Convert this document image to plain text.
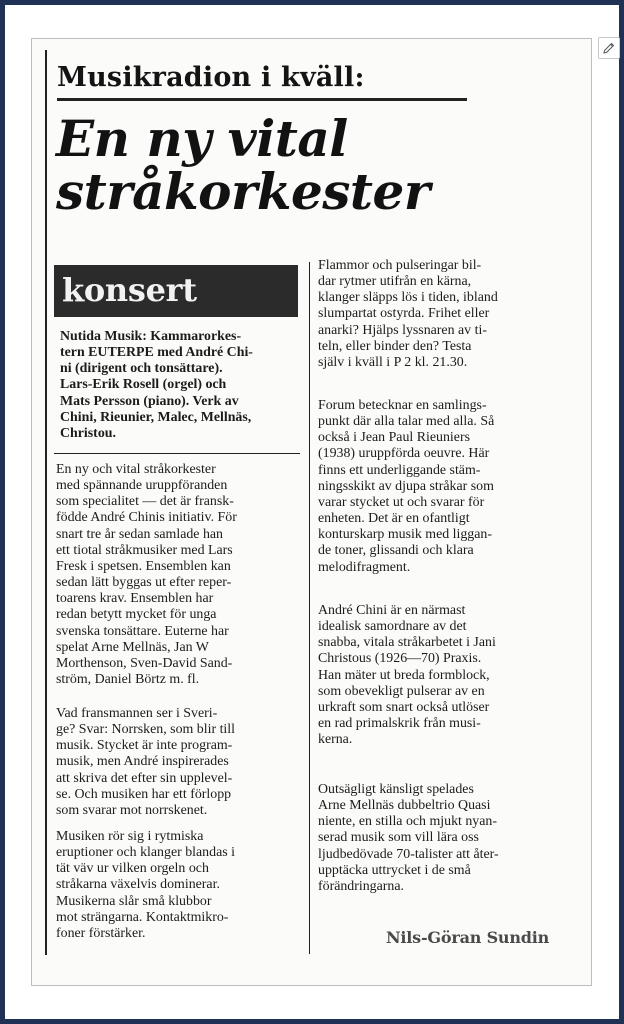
Musikradion i kväll:
En ny vital
stråkorkester
konsert
Nutida Musik: Kammarorkes-
tern EUTERPE med André Chi-
ni (dirigent och tonsättare).
Lars-Erik Rosell (orgel) och
Mats Persson (piano). Verk av
Chini, Rieunier, Malec, Mellnäs,
Christou.
En ny och vital stråkorkester
med spännande uruppföranden
som specialitet — det är fransk-
födde André Chinis initiativ. För
snart tre år sedan samlade han
ett tiotal stråkmusiker med Lars
Fresk i spetsen. Ensemblen kan
sedan lätt byggas ut efter reper-
toarens krav. Ensemblen har
redan betytt mycket för unga
svenska tonsättare. Euterne har
spelat Arne Mellnäs, Jan W
Morthenson, Sven-David Sand-
ström, Daniel Börtz m. fl.
Vad fransmannen ser i Sveri-
ge? Svar: Norrsken, som blir till
musik. Stycket är inte program-
musik, men André inspirerades
att skriva det efter sin upplevel-
se. Och musiken har ett förlopp
som svarar mot norrskenet.
Musiken rör sig i rytmiska
eruptioner och klanger blandas i
tät väv ur vilken orgeln och
stråkarna växelvis dominerar.
Musikerna slår små klubbor
mot strängarna. Kontaktmikro-
foner förstärker.
Flammor och pulseringar bil-
dar rytmer utifrån en kärna,
klanger släpps lös i tiden, ibland
slumpartat ostyrda. Frihet eller
anarki? Hjälps lyssnaren av ti-
teln, eller binder den? Testa
själv i kväll i P 2 kl. 21.30.
Forum betecknar en samlings-
punkt där alla talar med alla. Så
också i Jean Paul Rieuniers
(1938) uruppförda oeuvre. Här
finns ett underliggande stäm-
ningsskikt av djupa stråkar som
varar stycket ut och svarar för
enheten. Det är en ofantligt
konturskarp musik med liggan-
de toner, glissandi och klara
melodifragment.
André Chini är en närmast
idealisk samordnare av det
snabba, vitala stråkarbetet i Jani
Christous (1926—70) Praxis.
Han mäter ut breda formblock,
som obevekligt pulserar av en
urkraft som snart också utlöser
en rad primalskrik från musi-
kerna.
Outsägligt känsligt spelades
Arne Mellnäs dubbeltrio Quasi
niente, en stilla och mjukt nyan-
serad musik som vill lära oss
ljudbedövade 70-talister att åter-
upptäcka uttrycket i de små
förändringarna.
Nils-Göran Sundin
